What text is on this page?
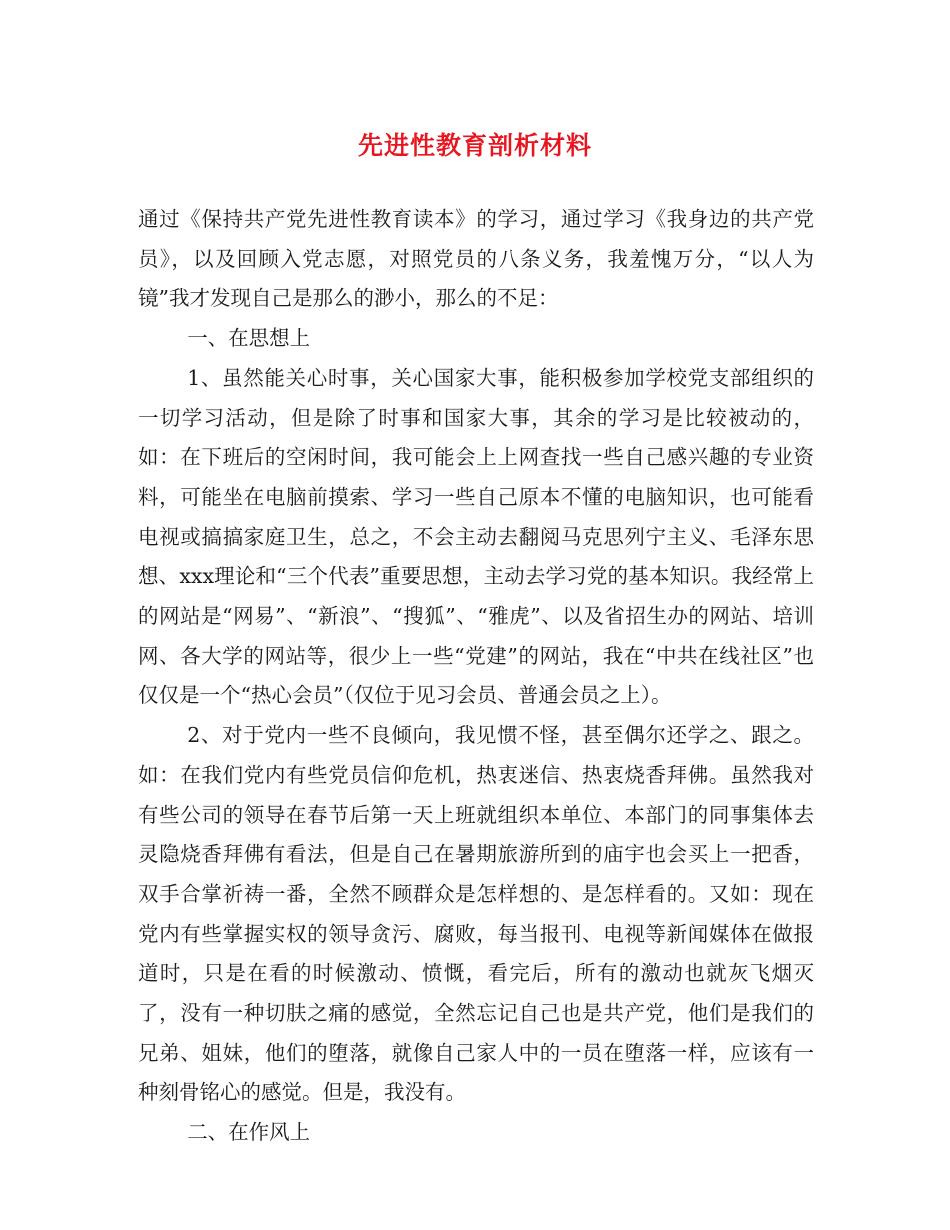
先进性教育剖析材料

通过《保持共产党先进性教育读本》的学习，通过学习《我身边的共产党员》，以及回顾入党志愿，对照党员的八条义务，我羞愧万分，“以人为镜”我才发现自己是那么的渺小，那么的不足：

一、在思想上

1、虽然能关心时事，关心国家大事，能积极参加学校党支部组织的一切学习活动，但是除了时事和国家大事，其余的学习是比较被动的，如：在下班后的空闲时间，我可能会上上网查找一些自己感兴趣的专业资料，可能坐在电脑前摸索、学习一些自己原本不懂的电脑知识，也可能看电视或搞搞家庭卫生，总之，不会主动去翻阅马克思列宁主义、毛泽东思想、xxx理论和“三个代表”重要思想，主动去学习党的基本知识。我经常上的网站是“网易”、“新浪”、“搜狐”、“雅虎”、以及省招生办的网站、培训网、各大学的网站等，很少上一些“党建”的网站，我在“中共在线社区”也仅仅是一个“热心会员”（仅位于见习会员、普通会员之上）。

2、对于党内一些不良倾向，我见惯不怪，甚至偶尔还学之、跟之。如：在我们党内有些党员信仰危机，热衷迷信、热衷烧香拜佛。虽然我对有些公司的领导在春节后第一天上班就组织本单位、本部门的同事集体去灵隐烧香拜佛有看法，但是自己在暑期旅游所到的庙宇也会买上一把香，双手合掌祈祷一番，全然不顾群众是怎样想的、是怎样看的。又如：现在党内有些掌握实权的领导贪污、腐败，每当报刊、电视等新闻媒体在做报道时，只是在看的时候激动、愤慨，看完后，所有的激动也就灰飞烟灭了，没有一种切肤之痛的感觉，全然忘记自己也是共产党，他们是我们的兄弟、姐妹，他们的堕落，就像自己家人中的一员在堕落一样，应该有一种刻骨铭心的感觉。但是，我没有。

二、在作风上
